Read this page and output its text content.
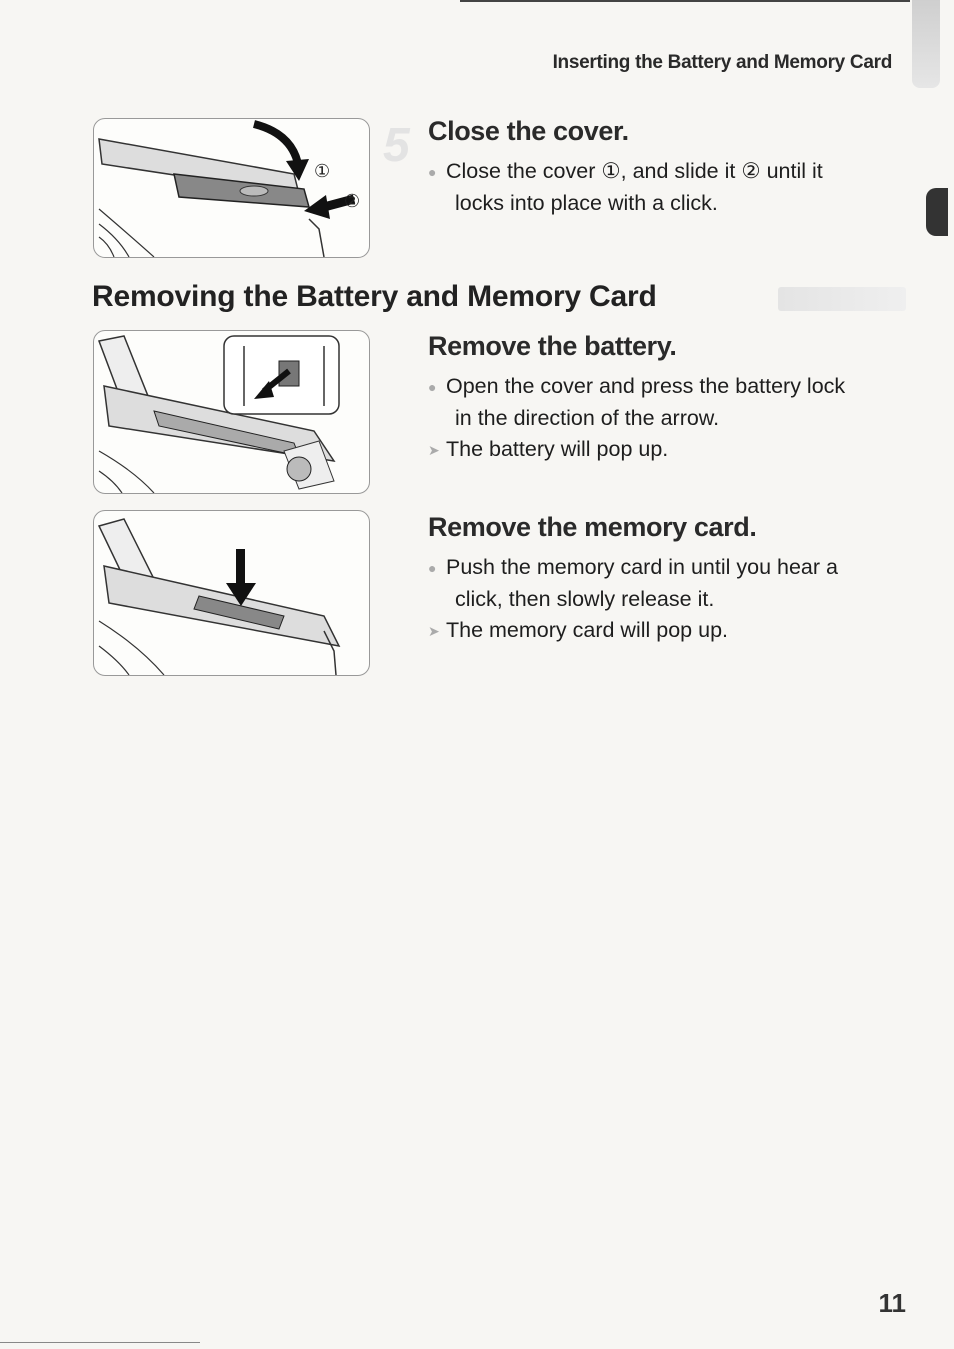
Inserting the Battery and Memory Card
①
②
5 Close the cover.
● Close the cover ①, and slide it ② until it
locks into place with a click.
Removing the Battery and Memory Card
Remove the battery.
● Open the cover and press the battery lock
in the direction of the arrow.
➤ The battery will pop up.
Remove the memory card.
● Push the memory card in until you hear a
click, then slowly release it.
➤ The memory card will pop up.
11
